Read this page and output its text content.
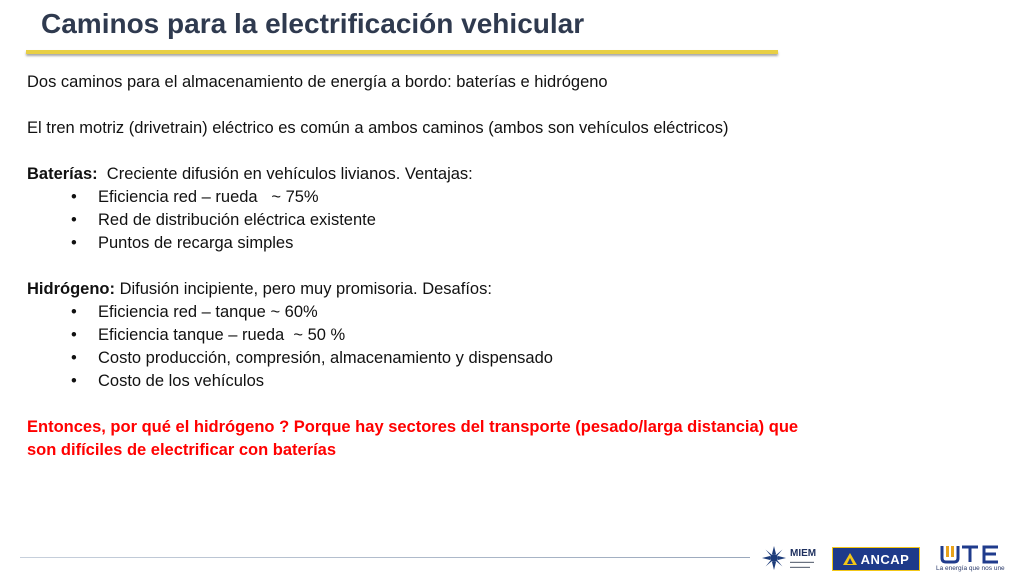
Caminos para la electrificación vehicular

Dos caminos para el almacenamiento de energía a bordo: baterías e hidrógeno

El tren motriz (drivetrain) eléctrico es común a ambos caminos (ambos son vehículos eléctricos)

Baterías:  Creciente difusión en vehículos livianos. Ventajas:

• Eficiencia red – rueda   ~ 75%
• Red de distribución eléctrica existente
• Puntos de recarga simples

Hidrógeno: Difusión incipiente, pero muy promisoria. Desafíos:

• Eficiencia red – tanque ~ 60%
• Eficiencia tanque – rueda  ~ 50 %
• Costo producción, compresión, almacenamiento y dispensado
• Costo de los vehículos

Entonces, por qué el hidrógeno ? Porque hay sectores del transporte (pesado/larga distancia) que

son difíciles de electrificar con baterías

MIEM
▬▬▬▬▬▬
▬▬▬▬▬	ANCAP
La energía que nos une
